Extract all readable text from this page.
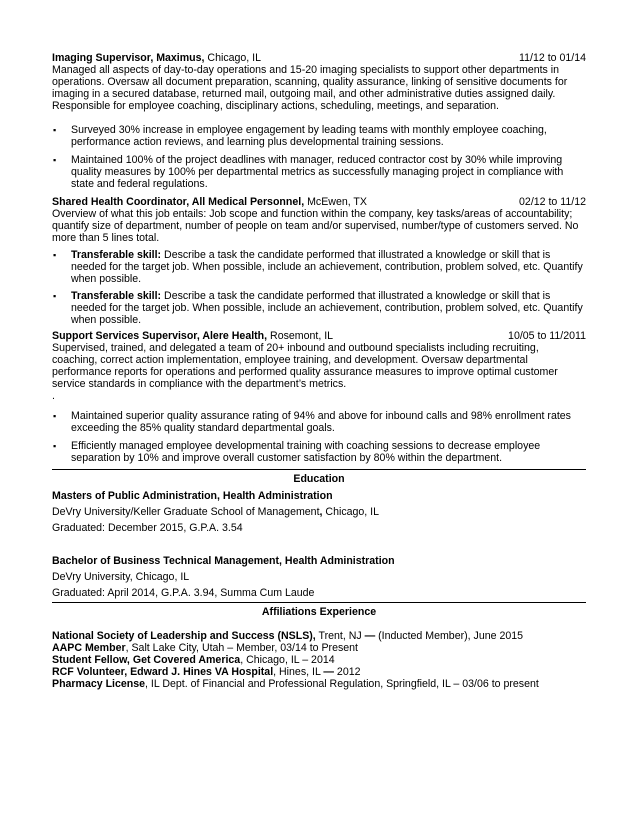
Imaging Supervisor, Maximus, Chicago, IL	11/12 to 01/14

Managed all aspects of day-to-day operations and 15-20 imaging specialists to support other departments in operations. Oversaw all document preparation, scanning, quality assurance, linking of sensitive documents for imaging in a secured database, returned mail, outgoing mail, and other administrative duties assigned daily. Responsible for employee coaching, disciplinary actions, scheduling, meetings, and separation.

▪ Surveyed 30% increase in employee engagement by leading teams with monthly employee coaching, performance action reviews, and learning plus developmental training sessions.
▪ Maintained 100% of the project deadlines with manager, reduced contractor cost by 30% while improving quality measures by 100% per departmental metrics as successfully managing project in compliance with state and federal regulations.
Shared Health Coordinator, All Medical Personnel, McEwen, TX	02/12 to 11/12

Overview of what this job entails: Job scope and function within the company, key tasks/areas of accountability; quantify size of department, number of people on team and/or supervised, number/type of customers served. No more than 5 lines total.

▪ Transferable skill: Describe a task the candidate performed that illustrated a knowledge or skill that is needed for the target job. When possible, include an achievement, contribution, problem solved, etc. Quantify when possible.
▪ Transferable skill: Describe a task the candidate performed that illustrated a knowledge or skill that is needed for the target job. When possible, include an achievement, contribution, problem solved, etc. Quantify when possible.
Support Services Supervisor, Alere Health, Rosemont, IL	10/05 to 11/2011

Supervised, trained, and delegated a team of 20+ inbound and outbound specialists including recruiting, coaching, correct action implementation, employee training, and development. Oversaw departmental performance reports for operations and performed quality assurance measures to improve optimal customer service standards in compliance with the department’s metrics.

.

▪ Maintained superior quality assurance rating of 94% and above for inbound calls and 98% enrollment rates exceeding the 85% quality standard departmental goals.
▪ Efficiently managed employee developmental training with coaching sessions to decrease employee separation by 10% and improve overall customer satisfaction by 80% within the department.
Education

Masters of Public Administration, Health Administration

DeVry University/Keller Graduate School of Management, Chicago, IL

Graduated: December 2015, G.P.A. 3.54

Bachelor of Business Technical Management, Health Administration

DeVry University, Chicago, IL

Graduated: April 2014, G.P.A. 3.94, Summa Cum Laude

Affiliations Experience

National Society of Leadership and Success (NSLS), Trent, NJ — (Inducted Member), June 2015

AAPC Member, Salt Lake City, Utah – Member, 03/14 to Present

Student Fellow, Get Covered America, Chicago, IL – 2014

RCF Volunteer, Edward J. Hines VA Hospital, Hines, IL — 2012

Pharmacy License, IL Dept. of Financial and Professional Regulation, Springfield, IL – 03/06 to present
